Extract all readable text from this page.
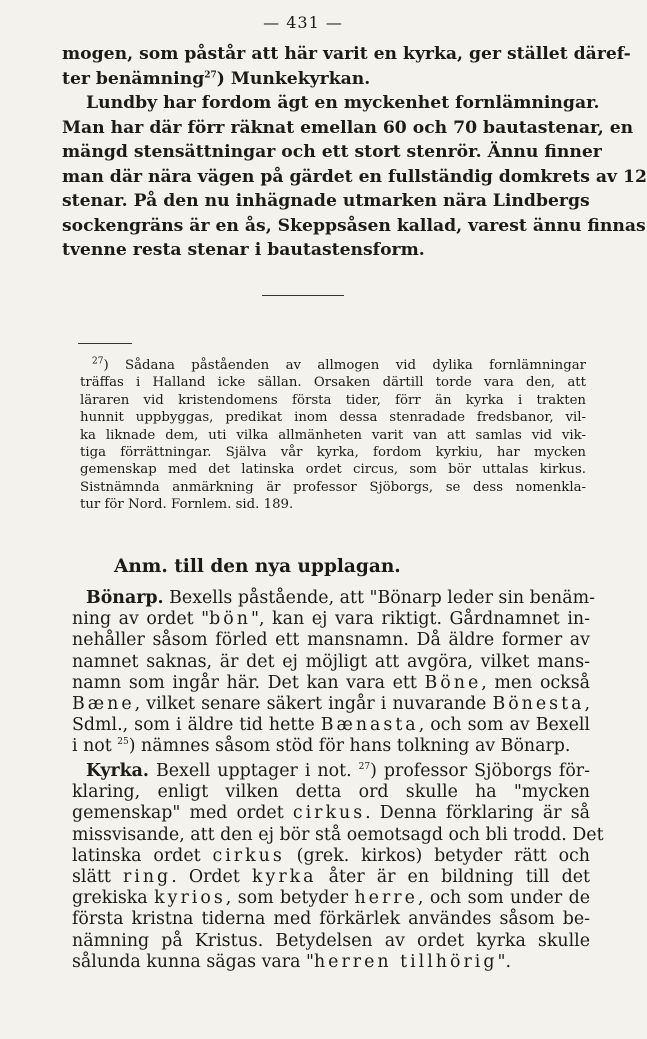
— 431 —
mogen, som påstår att här varit en kyrka, ger stället däref-
ter benämning$^{27}$) Munkekyrkan.
Lundby har fordom ägt en myckenhet fornlämningar.
Man har där förr räknat emellan 60 och 70 bautastenar, en
mängd stensättningar och ett stort stenrör. Ännu finner
man där nära vägen på gärdet en fullständig domkrets av 12
stenar. På den nu inhägnade utmarken nära Lindbergs
sockengräns är en ås, Skeppsåsen kallad, varest ännu finnas
tvenne resta stenar i bautastensform.
$^{27}$) Sådana påståenden av allmogen vid dylika fornlämningar
träffas i Halland icke sällan. Orsaken därtill torde vara den, att
läraren vid kristendomens första tider, förr än kyrka i trakten
hunnit uppbyggas, predikat inom dessa stenradade fredsbanor, vil-
ka liknade dem, uti vilka allmänheten varit van att samlas vid vik-
tiga förrättningar. Själva vår kyrka, fordom kyrkiu, har mycken
gemenskap med det latinska ordet circus, som bör uttalas kirkus.
Sistnämnda anmärkning är professor Sjöborgs, se dess nomenkla-
tur för Nord. Fornlem. sid. 189.
Anm. till den nya upplagan.
Bönarp. Bexells påstående, att "Bönarp leder sin benäm-
ning av ordet "bön", kan ej vara riktigt. Gårdnamnet in-
nehåller såsom förled ett mansnamn. Då äldre former av
namnet saknas, är det ej möjligt att avgöra, vilket mans-
namn som ingår här. Det kan vara ett Böne, men också
Bæne, vilket senare säkert ingår i nuvarande Bönesta,
Sdml., som i äldre tid hette Bænasta, och som av Bexell
i not $^{25}$) nämnes såsom stöd för hans tolkning av Bönarp.
Kyrka. Bexell upptager i not. $^{27}$) professor Sjöborgs för-
klaring, enligt vilken detta ord skulle ha "mycken
gemenskap" med ordet cirkus. Denna förklaring är så
missvisande, att den ej bör stå oemotsagd och bli trodd. Det
latinska ordet cirkus (grek. kirkos) betyder rätt och
slätt ring. Ordet kyrka åter är en bildning till det
grekiska kyrios, som betyder herre, och som under de
första kristna tiderna med förkärlek användes såsom be-
nämning på Kristus. Betydelsen av ordet kyrka skulle
sålunda kunna sägas vara "herren tillhörig".
